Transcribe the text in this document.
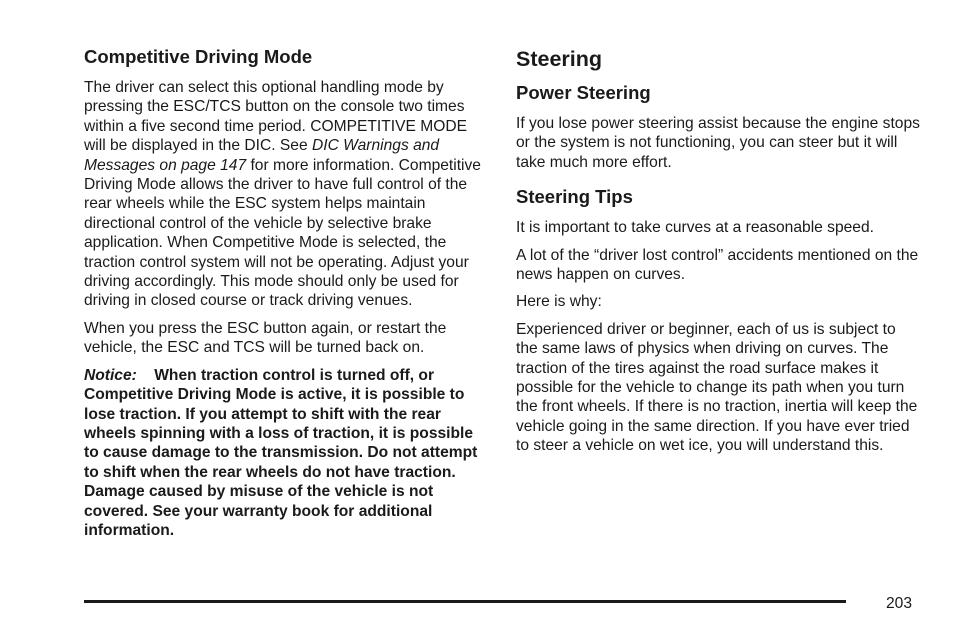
Competitive Driving Mode

The driver can select this optional handling mode by pressing the ESC/TCS button on the console two times within a five second time period. COMPETITIVE MODE will be displayed in the DIC. See DIC Warnings and Messages on page 147 for more information. Competitive Driving Mode allows the driver to have full control of the rear wheels while the ESC system helps maintain directional control of the vehicle by selective brake application. When Competitive Mode is selected, the traction control system will not be operating. Adjust your driving accordingly. This mode should only be used for driving in closed course or track driving venues.

When you press the ESC button again, or restart the vehicle, the ESC and TCS will be turned back on.

Notice: When traction control is turned off, or Competitive Driving Mode is active, it is possible to lose traction. If you attempt to shift with the rear wheels spinning with a loss of traction, it is possible to cause damage to the transmission. Do not attempt to shift when the rear wheels do not have traction. Damage caused by misuse of the vehicle is not covered. See your warranty book for additional information.

Steering
Power Steering

If you lose power steering assist because the engine stops or the system is not functioning, you can steer but it will take much more effort.

Steering Tips

It is important to take curves at a reasonable speed.

A lot of the “driver lost control” accidents mentioned on the news happen on curves.

Here is why:

Experienced driver or beginner, each of us is subject to the same laws of physics when driving on curves. The traction of the tires against the road surface makes it possible for the vehicle to change its path when you turn the front wheels. If there is no traction, inertia will keep the vehicle going in the same direction. If you have ever tried to steer a vehicle on wet ice, you will understand this.

203
